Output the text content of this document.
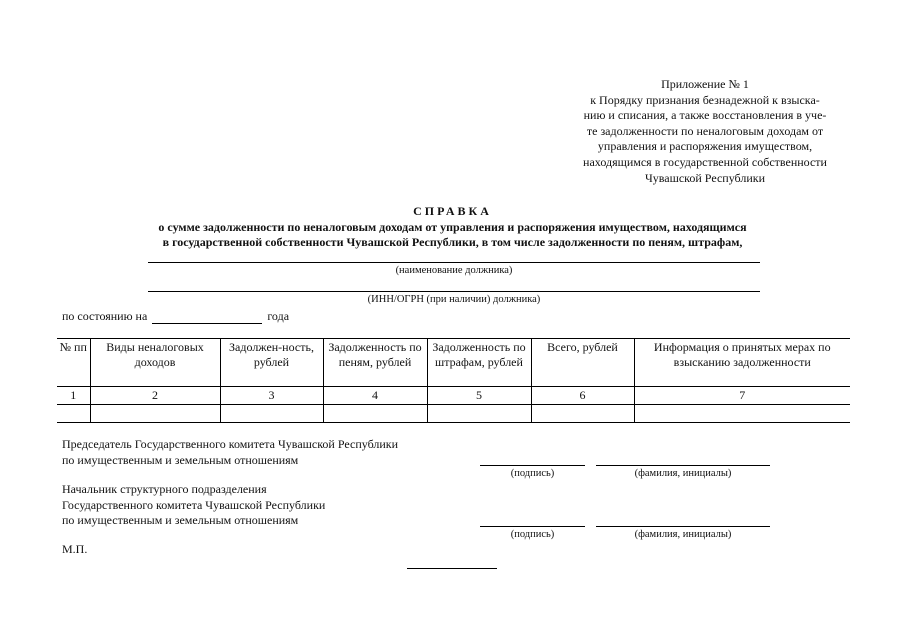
Приложение № 1
к Порядку признания безнадежной к взыска-
нию и списания, а также восстановления в уче-
те задолженности по неналоговым доходам от
управления и распоряжения имуществом,
находящимся в государственной собственности
Чувашской Республики
СПРАВКА
о сумме задолженности по неналоговым доходам от управления и распоряжения имуществом, находящимся
в государственной собственности Чувашской Республики, в том числе задолженности по пеням, штрафам,
(наименование должника)
(ИНН/ОГРН (при наличии) должника)
по состоянию на	года
№ пп	Виды неналоговых доходов	Задолжен-ность, рублей	Задолженность по пеням, рублей	Задолженность по штрафам, рублей	Всего, рублей	Информация о принятых мерах по взысканию задолженности
1	2	3	4	5	6	7

Председатель Государственного комитета Чувашской Республики
по имущественным и земельным отношениям
(подпись)	(фамилия, инициалы)
Начальник структурного подразделения
Государственного комитета Чувашской Республики
по имущественным и земельным отношениям
(подпись)	(фамилия, инициалы)
М.П.
